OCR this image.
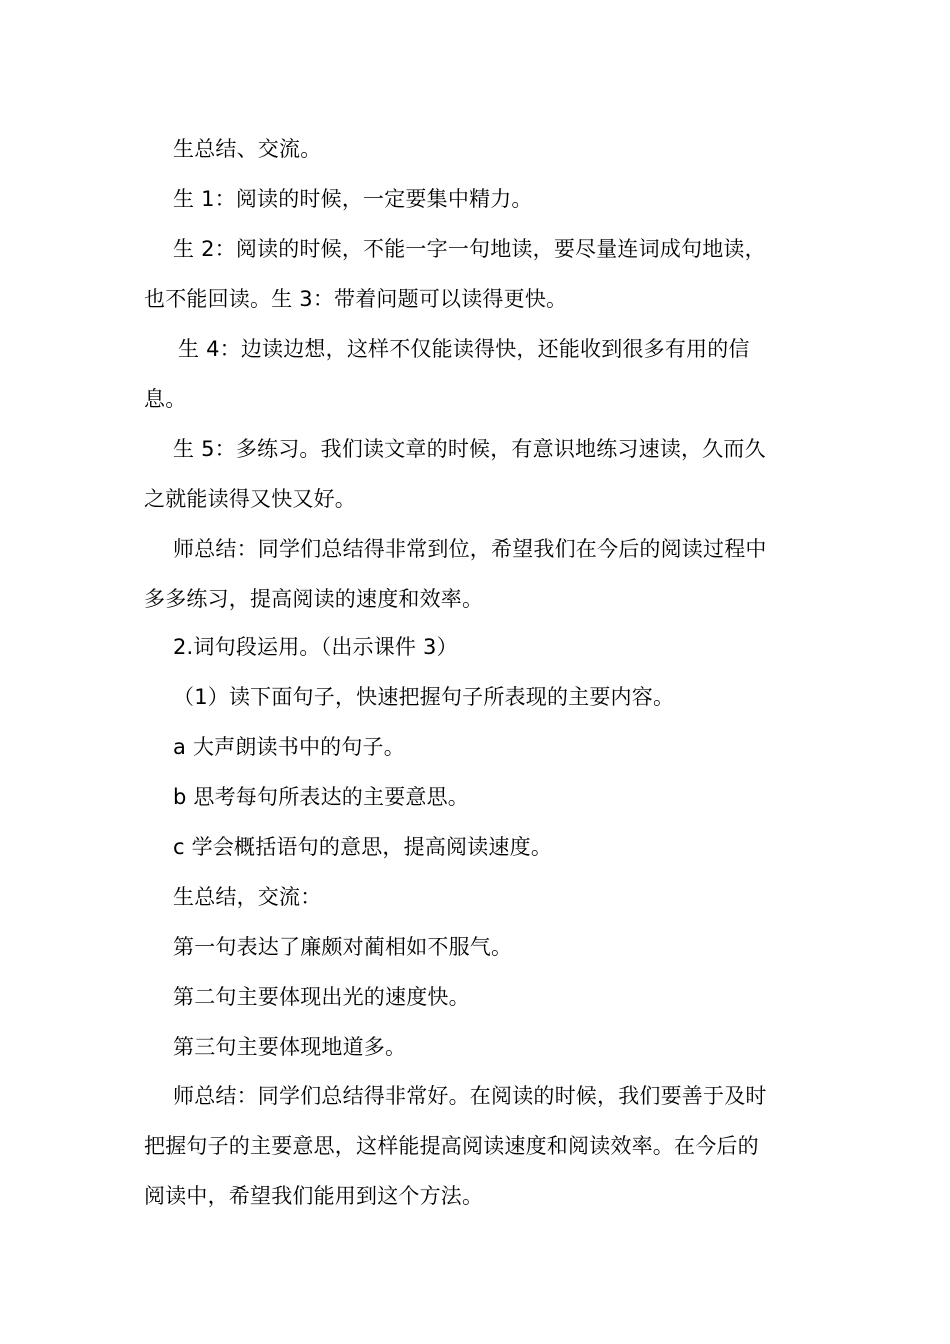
生总结、交流。
生 1：阅读的时候，一定要集中精力。
生 2：阅读的时候，不能一字一句地读，要尽量连词成句地读，
也不能回读。生 3：带着问题可以读得更快。
生 4：边读边想，这样不仅能读得快，还能收到很多有用的信
息。
生 5：多练习。我们读文章的时候，有意识地练习速读，久而久
之就能读得又快又好。
师总结：同学们总结得非常到位，希望我们在今后的阅读过程中
多多练习，提高阅读的速度和效率。
2.词句段运用。（出示课件 3）
（1）读下面句子，快速把握句子所表现的主要内容。
a 大声朗读书中的句子。
b 思考每句所表达的主要意思。
c 学会概括语句的意思，提高阅读速度。
生总结，交流：
第一句表达了廉颇对蔺相如不服气。
第二句主要体现出光的速度快。
第三句主要体现地道多。
师总结：同学们总结得非常好。在阅读的时候，我们要善于及时
把握句子的主要意思，这样能提高阅读速度和阅读效率。在今后的
阅读中，希望我们能用到这个方法。
